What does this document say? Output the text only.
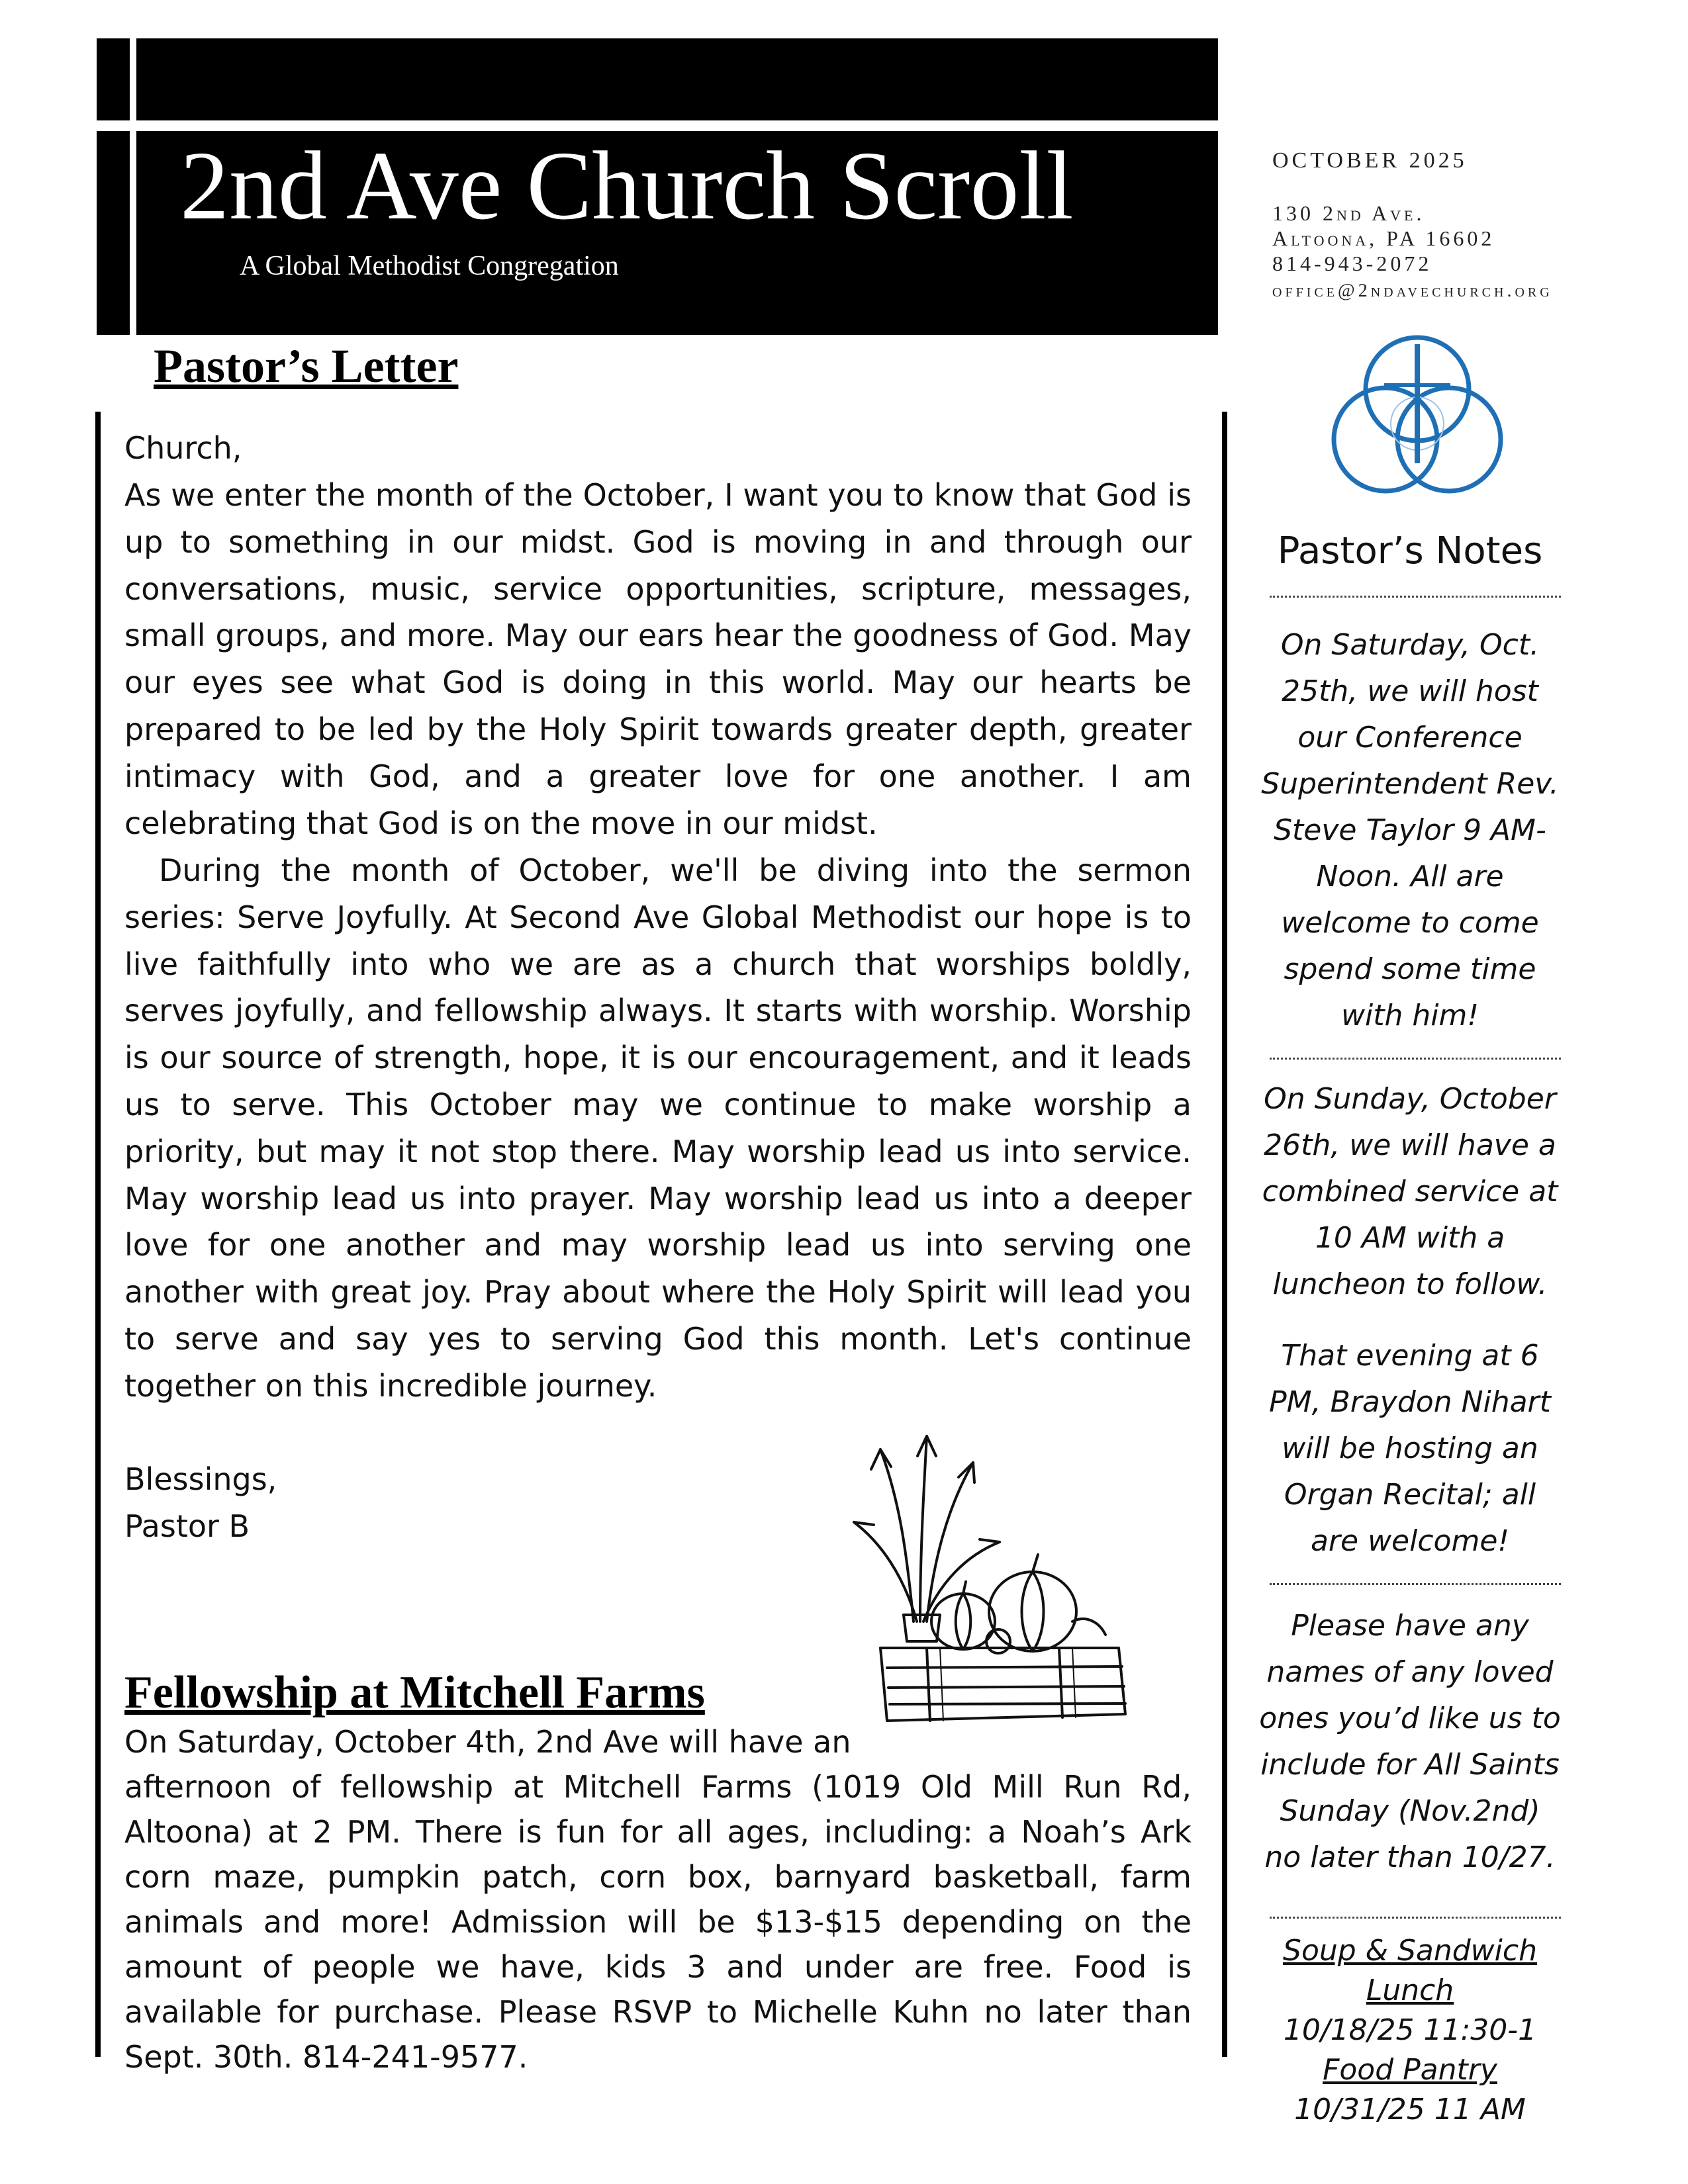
2nd Ave Church Scroll
A Global Methodist Congregation
OCTOBER 2025
130 2nd Ave.
Altoona, PA 16602
814-943-2072
office@2ndavechurch.org
Pastor’s Letter

Church,

As we enter the month of the October, I want you to know that God is up to something in our midst. God is moving in and through our conversations, music, service opportunities, scripture, messages, small groups, and more. May our ears hear the goodness of God. May our eyes see what God is doing in this world. May our hearts be prepared to be led by the Holy Spirit towards greater depth, greater intimacy with God, and a greater love for one another. I am celebrating that God is on the move in our midst.

During the month of October, we'll be diving into the sermon series: Serve Joyfully. At Second Ave Global Methodist our hope is to live faithfully into who we are as a church that worships boldly, serves joyfully, and fellowship always. It starts with worship. Worship is our source of strength, hope, it is our encouragement, and it leads us to serve. This October may we continue to make worship a priority, but may it not stop there. May worship lead us into service. May worship lead us into prayer. May worship lead us into a deeper love for one another and may worship lead us into serving one another with great joy. Pray about where the Holy Spirit will lead you to serve and say yes to serving God this month. Let's continue together on this incredible journey.

Blessings,

Pastor B

Fellowship at Mitchell Farms
On Saturday, October 4th, 2nd Ave will have an

afternoon of fellowship at Mitchell Farms (1019 Old Mill Run Rd, Altoona) at 2 PM. There is fun for all ages, including: a Noah’s Ark corn maze, pumpkin patch, corn box, barnyard basketball, farm animals and more! Admission will be $13-$15 depending on the amount of people we have, kids 3 and under are free. Food is available for purchase. Please RSVP to Michelle Kuhn no later than Sept. 30th. 814-241-9577.

Pastor’s Notes

On Saturday, Oct. 25th, we will host our Conference Superintendent Rev. Steve Taylor 9 AM-Noon. All are welcome to come spend some time with him!

On Sunday, October 26th, we will have a combined service at 10 AM with a luncheon to follow.

That evening at 6 PM, Braydon Nihart will be hosting an Organ Recital; all are welcome!

Please have any names of any loved ones you’d like us to include for All Saints Sunday (Nov.2nd) no later than 10/27.

Soup & Sandwich

Lunch

10/18/25 11:30-1

Food Pantry

10/31/25 11 AM
